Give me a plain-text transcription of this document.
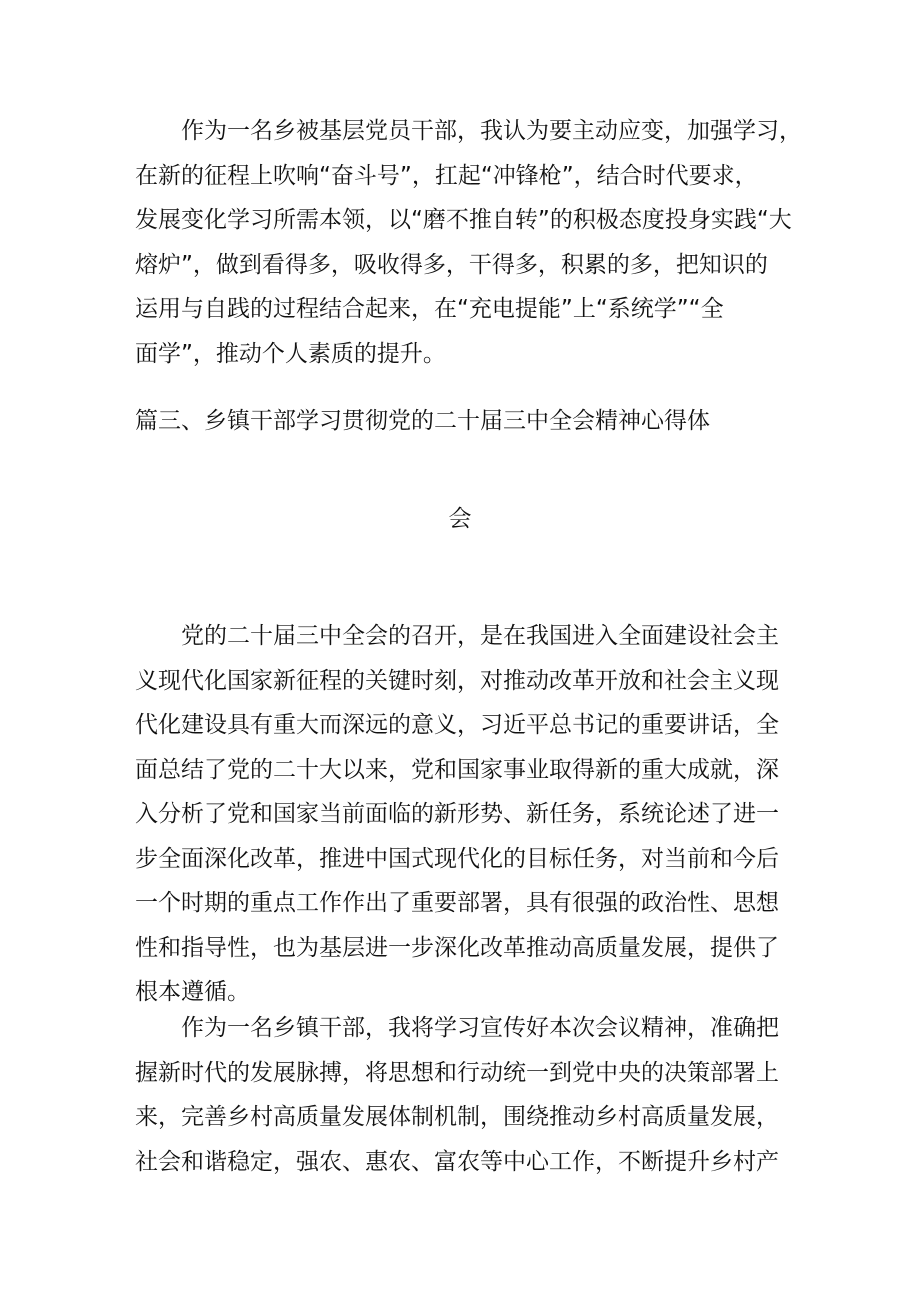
　　作为一名乡被基层党员干部，我认为要主动应变，加强学习，
在新的征程上吹响“奋斗号”，扛起“冲锋枪”，结合时代要求，
发展变化学习所需本领，以“磨不推自转”的积极态度投身实践“大
熔炉”，做到看得多，吸收得多，干得多，积累的多，把知识的
运用与自践的过程结合起来，在“充电提能”上“系统学”“全
面学”，推动个人素质的提升。
篇三、乡镇干部学习贯彻党的二十届三中全会精神心得体
会
　　党的二十届三中全会的召开，是在我国进入全面建设社会主
义现代化国家新征程的关键时刻，对推动改革开放和社会主义现
代化建设具有重大而深远的意义，习近平总书记的重要讲话，全
面总结了党的二十大以来，党和国家事业取得新的重大成就，深
入分析了党和国家当前面临的新形势、新任务，系统论述了进一
步全面深化改革，推进中国式现代化的目标任务，对当前和今后
一个时期的重点工作作出了重要部署，具有很强的政治性、思想
性和指导性，也为基层进一步深化改革推动高质量发展，提供了
根本遵循。
　　作为一名乡镇干部，我将学习宣传好本次会议精神，准确把
握新时代的发展脉搏，将思想和行动统一到党中央的决策部署上
来，完善乡村高质量发展体制机制，围绕推动乡村高质量发展，
社会和谐稳定，强农、惠农、富农等中心工作，不断提升乡村产
